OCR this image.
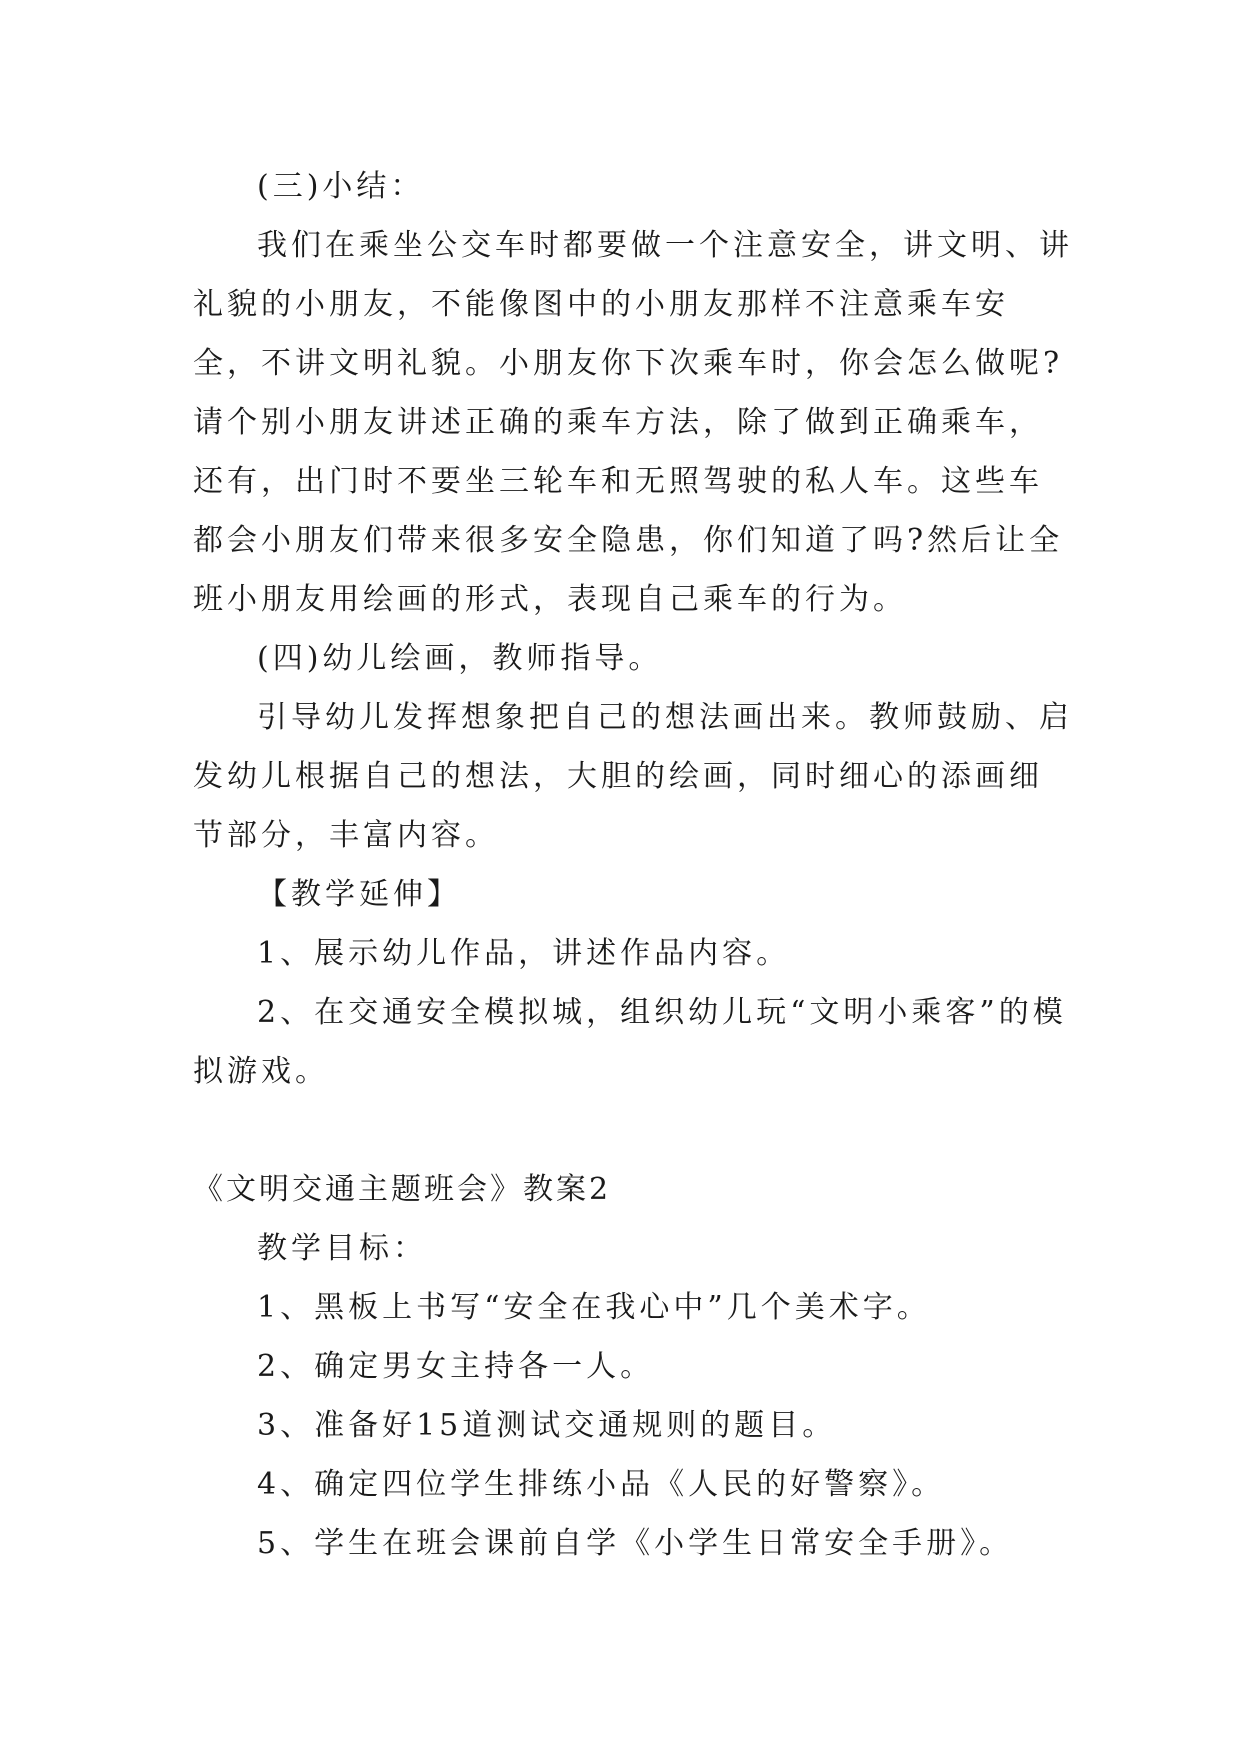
(三)小结：

我们在乘坐公交车时都要做一个注意安全，讲文明、讲礼貌的小朋友，不能像图中的小朋友那样不注意乘车安全，不讲文明礼貌。小朋友你下次乘车时，你会怎么做呢?请个别小朋友讲述正确的乘车方法，除了做到正确乘车，还有，出门时不要坐三轮车和无照驾驶的私人车。这些车都会小朋友们带来很多安全隐患，你们知道了吗?然后让全班小朋友用绘画的形式，表现自己乘车的行为。

(四)幼儿绘画，教师指导。

引导幼儿发挥想象把自己的想法画出来。教师鼓励、启发幼儿根据自己的想法，大胆的绘画，同时细心的添画细节部分，丰富内容。

【教学延伸】

1、展示幼儿作品，讲述作品内容。

2、在交通安全模拟城，组织幼儿玩“文明小乘客”的模拟游戏。

《文明交通主题班会》教案2

教学目标：

1、黑板上书写“安全在我心中”几个美术字。

2、确定男女主持各一人。

3、准备好15道测试交通规则的题目。

4、确定四位学生排练小品《人民的好警察》。

5、学生在班会课前自学《小学生日常安全手册》。
